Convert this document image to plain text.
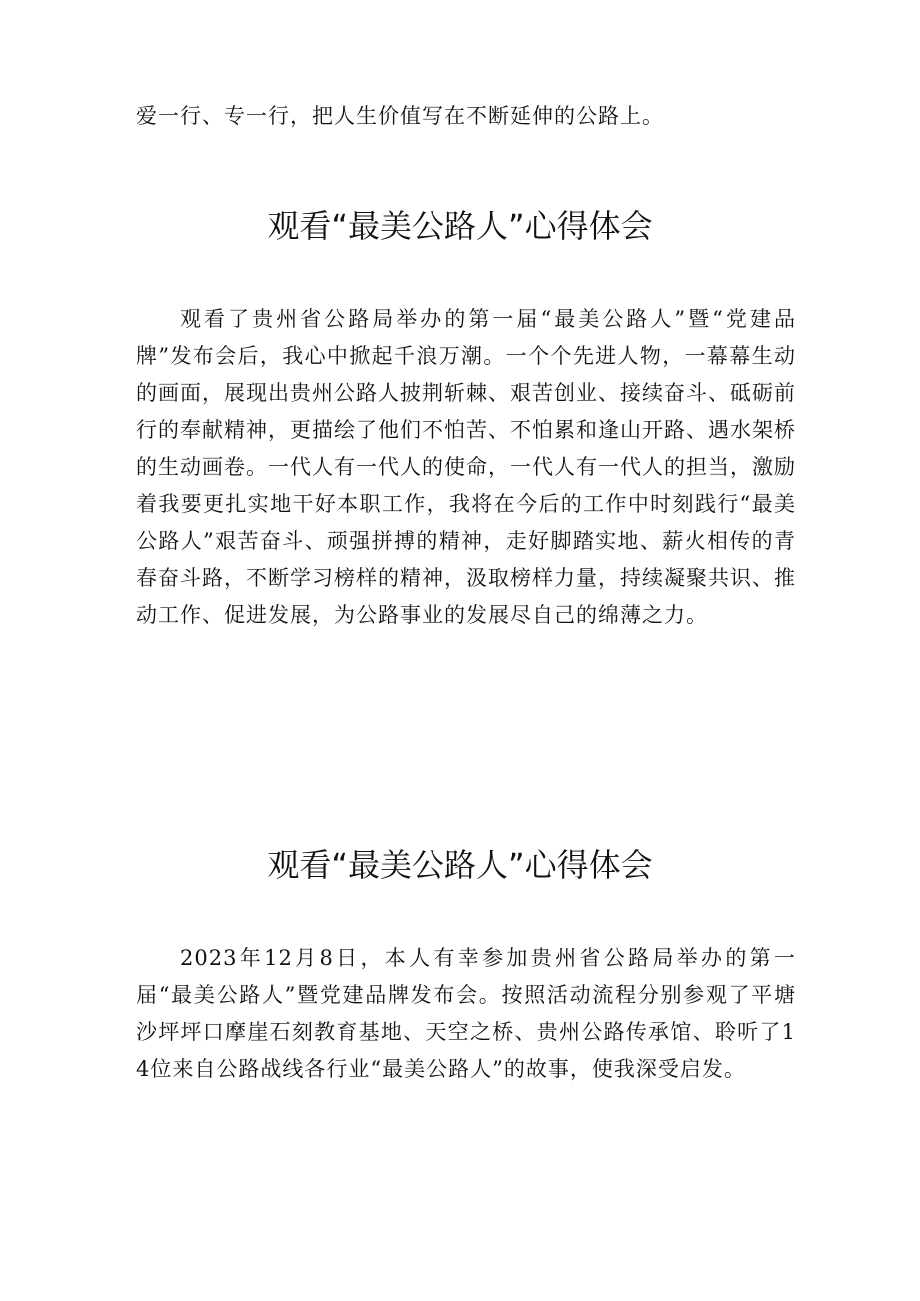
爱一行、专一行，把人生价值写在不断延伸的公路上。

观看“最美公路人”心得体会

观看了贵州省公路局举办的第一届“最美公路人”暨“党建品牌”发布会后，我心中掀起千浪万潮。一个个先进人物，一幕幕生动的画面，展现出贵州公路人披荆斩棘、艰苦创业、接续奋斗、砥砺前行的奉献精神，更描绘了他们不怕苦、不怕累和逢山开路、遇水架桥的生动画卷。一代人有一代人的使命，一代人有一代人的担当，激励着我要更扎实地干好本职工作，我将在今后的工作中时刻践行“最美公路人”艰苦奋斗、顽强拼搏的精神，走好脚踏实地、薪火相传的青春奋斗路，不断学习榜样的精神，汲取榜样力量，持续凝聚共识、推动工作、促进发展，为公路事业的发展尽自己的绵薄之力。

观看“最美公路人”心得体会

2023年12月8日，本人有幸参加贵州省公路局举办的第一届“最美公路人”暨党建品牌发布会。按照活动流程分别参观了平塘沙坪坪口摩崖石刻教育基地、天空之桥、贵州公路传承馆、聆听了14位来自公路战线各行业“最美公路人”的故事，使我深受启发。
